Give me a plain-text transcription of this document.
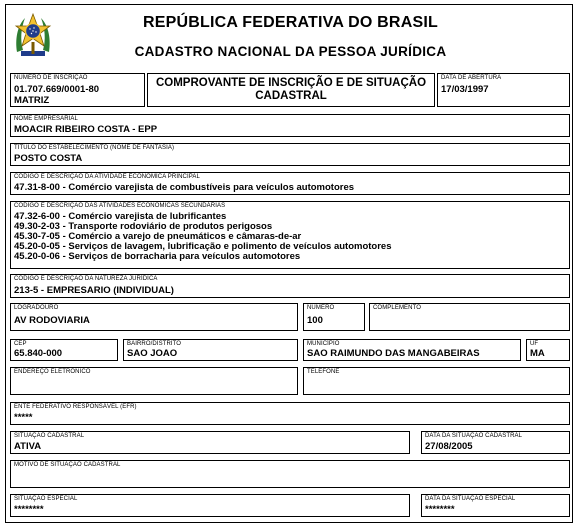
REPÚBLICA FEDERATIVA DO BRASIL
CADASTRO NACIONAL DA PESSOA JURÍDICA
NÚMERO DE INSCRIÇÃO
01.707.669/0001-80
MATRIZ
COMPROVANTE DE INSCRIÇÃO E DE SITUAÇÃO
CADASTRAL
DATA DE ABERTURA
17/03/1997
NOME EMPRESARIAL
MOACIR RIBEIRO COSTA - EPP
TÍTULO DO ESTABELECIMENTO (NOME DE FANTASIA)
POSTO COSTA
CÓDIGO E DESCRIÇÃO DA ATIVIDADE ECONÔMICA PRINCIPAL
47.31-8-00 - Comércio varejista de combustíveis para veículos automotores
CÓDIGO E DESCRIÇÃO DAS ATIVIDADES ECONÔMICAS SECUNDÁRIAS
47.32-6-00 - Comércio varejista de lubrificantes
49.30-2-03 - Transporte rodoviário de produtos perigosos
45.30-7-05 - Comércio a varejo de pneumáticos e câmaras-de-ar
45.20-0-05 - Serviços de lavagem, lubrificação e polimento de veículos automotores
45.20-0-06 - Serviços de borracharia para veículos automotores
CÓDIGO E DESCRIÇÃO DA NATUREZA JURÍDICA
213-5 - EMPRESARIO (INDIVIDUAL)
LOGRADOURO
AV RODOVIARIA
NÚMERO
100
COMPLEMENTO
CEP
65.840-000
BAIRRO/DISTRITO
SAO JOAO
MUNICÍPIO
SAO RAIMUNDO DAS MANGABEIRAS
UF
MA
ENDEREÇO ELETRÔNICO	TELEFONE
ENTE FEDERATIVO RESPONSÁVEL (EFR)
*****
SITUAÇÃO CADASTRAL
ATIVA
DATA DA SITUAÇÃO CADASTRAL
27/08/2005
MOTIVO DE SITUAÇÃO CADASTRAL
SITUAÇÃO ESPECIAL
********
DATA DA SITUAÇÃO ESPECIAL
********
